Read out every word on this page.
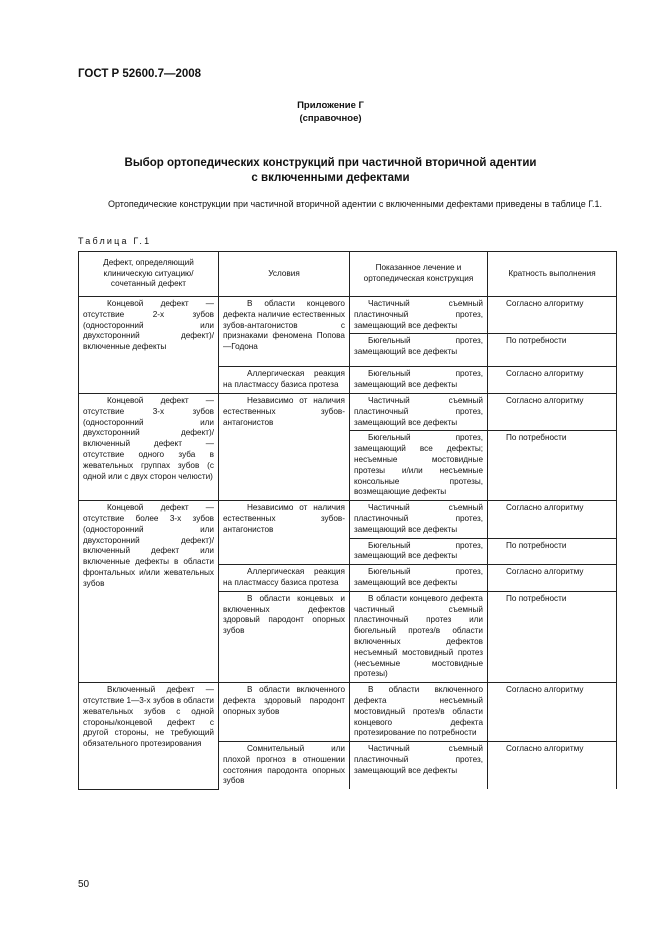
ГОСТ Р 52600.7—2008
Приложение Г
(справочное)
Выбор ортопедических конструкций при частичной вторичной адентии
с включенными дефектами
Ортопедические конструкции при частичной вторичной адентии с включенными дефектами приведены в таблице Г.1.
Таблица Г.1
Дефект, определяющий клиническую ситуацию/сочетанный дефект	Условия	Показанное лечение и ортопедическая конструкция	Кратность выполнения
Концевой дефект — отсутствие 2-х зубов (односторонний или двухсторонний дефект)/включенные дефекты	В области концевого дефекта наличие естественных зубов-антагонистов с признаками феномена Попова—Годона	Частичный съемный пластиночный протез, замещающий все дефекты	Согласно алгоритму
		Бюгельный протез, замещающий все дефекты	По потребности
	Аллергическая реакция на пластмассу базиса протеза	Бюгельный протез, замещающий все дефекты	Согласно алгоритму
Концевой дефект — отсутствие 3-х зубов (односторонний или двухсторонний дефект)/включенный дефект — отсутствие одного зуба в жевательных группах зубов (с одной или с двух сторон челюсти)	Независимо от наличия естественных зубов-антагонистов	Частичный съемный пластиночный протез, замещающий все дефекты	Согласно алгоритму
		Бюгельный протез, замещающий все дефекты; несъемные мостовидные протезы и/или несъемные консольные протезы, возмещающие дефекты	По потребности
Концевой дефект — отсутствие более 3-х зубов (односторонний или двухсторонний дефект)/включенный дефект или включенные дефекты в области фронтальных и/или жевательных зубов	Независимо от наличия естественных зубов-антагонистов	Частичный съемный пластиночный протез, замещающий все дефекты	Согласно алгоритму
		Бюгельный протез, замещающий все дефекты	По потребности
	Аллергическая реакция на пластмассу базиса протеза	Бюгельный протез, замещающий все дефекты	Согласно алгоритму
	В области концевых и включенных дефектов здоровый пародонт опорных зубов	В области концевого дефекта частичный съемный пластиночный протез или бюгельный протез/в области включенных дефектов несъемный мостовидный протез (несъемные мостовидные протезы)	По потребности
Включенный дефект — отсутствие 1—3-х зубов в области жевательных зубов с одной стороны/концевой дефект с другой стороны, не требующий обязательного протезирования	В области включенного дефекта здоровый пародонт опорных зубов	В области включенного дефекта несъемный мостовидный протез/в области концевого дефекта протезирование по потребности	Согласно алгоритму
	Сомнительный или плохой прогноз в отношении состояния пародонта опорных зубов	Частичный съемный пластиночный протез, замещающий все дефекты	Согласно алгоритму
50
